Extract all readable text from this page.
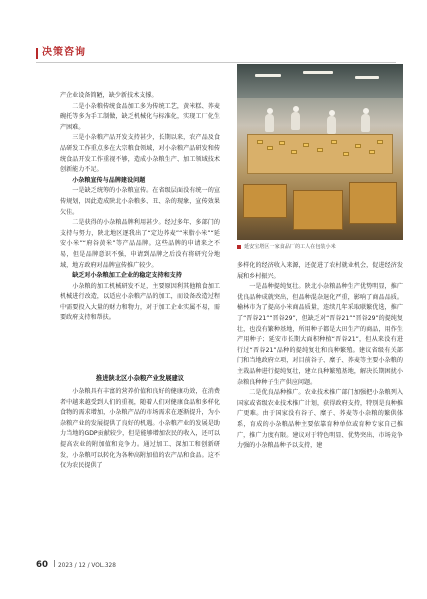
决策咨询

产企业设备简陋，缺少新技术支撑。

二是小杂粮传统食品加工多为传统工艺，黄米糕、荞麦碗托等多为手工制做，缺乏机械化与标准化，实现工厂化生产困难。

三是小杂粮产品开发支持甚少，长期以来，农产品及食品研发工作重点多在大宗粮食领域，对小杂粮产品研发和传统食品开发工作重视不够，造成小杂粮生产、加工领域技术创新能力不足。

小杂粮宣传与品牌建设问题

一是缺乏统筹的小杂粮宣传。在省级层面没有统一的宣传规划，因此造成陕北小杂粮多、丑、杂的现象，宣传效果欠佳。

二是获得的小杂粮品牌利用甚少。经过多年、多部门的支持与努力，陕北地区逐我出了“定边荞麦”“米脂小米”“延安小米”“府谷黄米”等产品品牌。这些品牌的申请来之不易，但是品牌意识不强，申请到品牌之后没有将研究分地域，地方政府对品牌宣传推广较少。

缺乏对小杂粮加工企业的稳定支持和支持

小杂粮的加工机械研发不足，主要原因利其他粮食加工机械进行改造，以适应小杂粮产品的加工，而设备改造过程中需要投入大量的财力和物力，对于加工企业实属不易，需要政府支持和帮扶。

推进陕北区小杂粮产业发展建议

小杂粮具有丰富的营养价值和良好的健康功效，在消费者中越来越受到人们的重视，随着人们对健康食品和多样化食物的需求增加，小杂粮产品的市场需求在逐渐提升，为小杂粮产业的发展提供了良好的机遇。小杂粮产业的发展是助力当地的GDP贡献较少，但是能够增加农民的收入，还可以提高农业的附加值和竞争力。通过加工、深加工和创新研发，小杂粮可以转化为各种高附加值的农产品和食品。这不仅为农民提供了

延安宝塔区一家食品厂的工人在包装小米

多样化的经济收入来源，还促进了农村就业机会，促进经济发展和乡村振兴。

一是品种提纯复壮。陕北小杂粮品种生产优势明显，推广优良品种成就突出，但品种混杂退化严重，影响了商品品质。榆林市为了提高小米商品质量，连续几年采取联繁优选，推广了“晋谷21”“晋谷29”，但缺乏对“晋谷21”“晋谷29”的提纯复壮，也没有繁种基地，所用种子都是大田生产的商品，用作生产用种子；延安市长期大面积种植“晋谷21”，但从来没有进行过“晋谷21”品种的提纯复壮和良种繁殖。建议省级有关部门和当地政府立项，对目前谷子、糜子、荞麦等主要小杂粮的主栽品种进行提纯复壮，建立良种繁殖基地，解决长期困扰小杂粮良种种子生产供应问题。

二是优良品种推广。农业技术推广部门加强把小杂粮列入国家或省级农业技术推广计划，获得政府支持，特别是良种推广更难。由于国家没有谷子、糜子、荞麦等小杂粮的繁供体系，育成的小杂粮品种主要依靠育种单位或育种专家自己推广，推广力度有限。建议对于特色明显、优势突出、市场竞争力强的小杂粮品种予以支持，建

60 2023 / 12 / VOL.328
